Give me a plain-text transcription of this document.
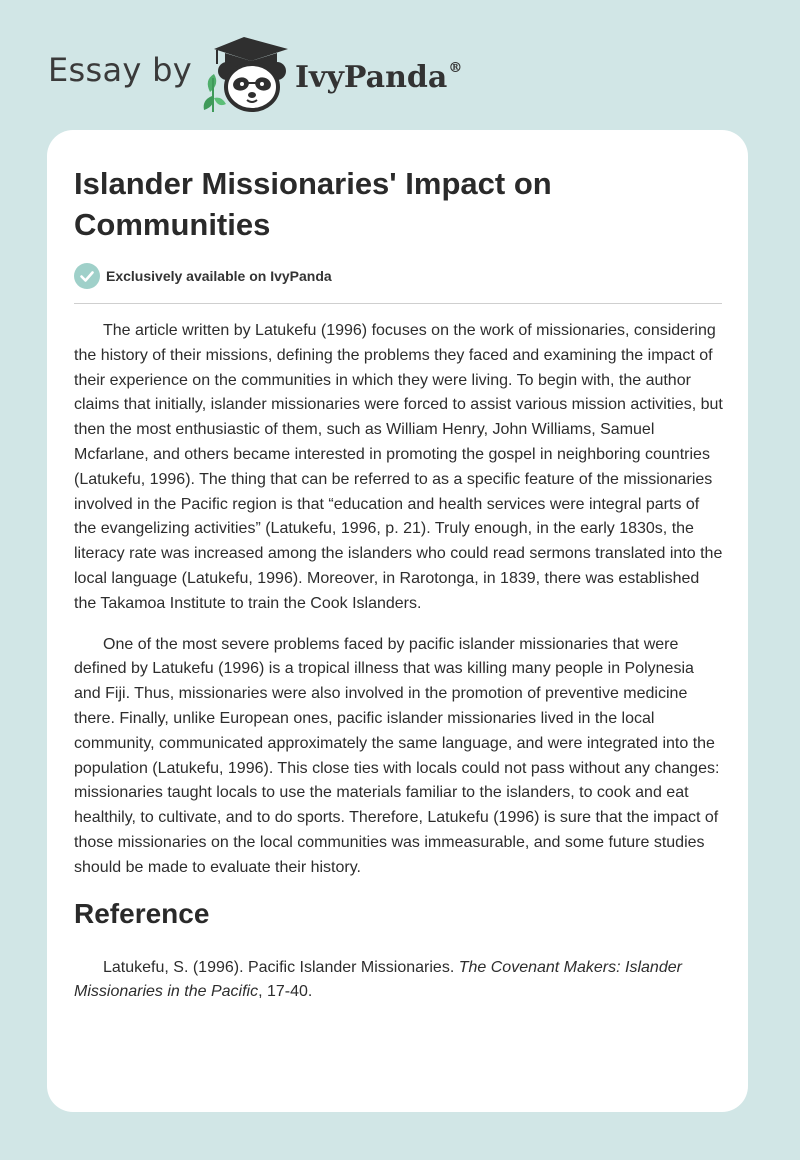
Essay by	IvyPanda®
Islander Missionaries' Impact on Communities
Exclusively available on IvyPanda

The article written by Latukefu (1996) focuses on the work of missionaries, considering the history of their missions, defining the problems they faced and examining the impact of their experience on the communities in which they were living. To begin with, the author claims that initially, islander missionaries were forced to assist various mission activities, but then the most enthusiastic of them, such as William Henry, John Williams, Samuel Mcfarlane, and others became interested in promoting the gospel in neighboring countries (Latukefu, 1996). The thing that can be referred to as a specific feature of the missionaries involved in the Pacific region is that “education and health services were integral parts of the evangelizing activities” (Latukefu, 1996, p. 21). Truly enough, in the early 1830s, the literacy rate was increased among the islanders who could read sermons translated into the local language (Latukefu, 1996). Moreover, in Rarotonga, in 1839, there was established the Takamoa Institute to train the Cook Islanders.

One of the most severe problems faced by pacific islander missionaries that were defined by Latukefu (1996) is a tropical illness that was killing many people in Polynesia and Fiji. Thus, missionaries were also involved in the promotion of preventive medicine there. Finally, unlike European ones, pacific islander missionaries lived in the local community, communicated approximately the same language, and were integrated into the population (Latukefu, 1996). This close ties with locals could not pass without any changes: missionaries taught locals to use the materials familiar to the islanders, to cook and eat healthily, to cultivate, and to do sports. Therefore, Latukefu (1996) is sure that the impact of those missionaries on the local communities was immeasurable, and some future studies should be made to evaluate their history.

Reference

Latukefu, S. (1996). Pacific Islander Missionaries. The Covenant Makers: Islander Missionaries in the Pacific, 17-40.
